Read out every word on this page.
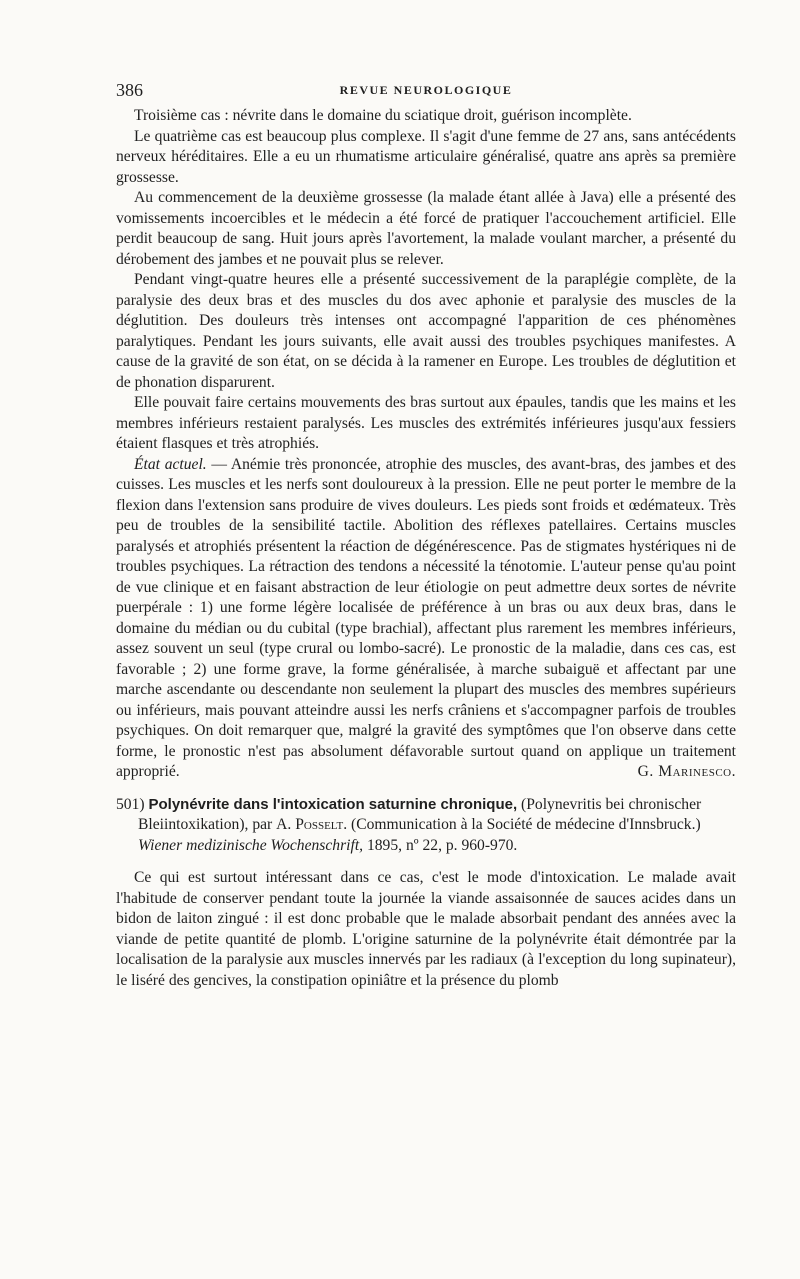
386	REVUE NEUROLOGIQUE

Troisième cas : névrite dans le domaine du sciatique droit, guérison incomplète.

Le quatrième cas est beaucoup plus complexe. Il s'agit d'une femme de 27 ans, sans antécédents nerveux héréditaires. Elle a eu un rhumatisme articulaire généralisé, quatre ans après sa première grossesse.

Au commencement de la deuxième grossesse (la malade étant allée à Java) elle a présenté des vomissements incoercibles et le médecin a été forcé de pratiquer l'accouchement artificiel. Elle perdit beaucoup de sang. Huit jours après l'avortement, la malade voulant marcher, a présenté du dérobement des jambes et ne pouvait plus se relever.

Pendant vingt-quatre heures elle a présenté successivement de la paraplégie complète, de la paralysie des deux bras et des muscles du dos avec aphonie et paralysie des muscles de la déglutition. Des douleurs très intenses ont accompagné l'apparition de ces phénomènes paralytiques. Pendant les jours suivants, elle avait aussi des troubles psychiques manifestes. A cause de la gravité de son état, on se décida à la ramener en Europe. Les troubles de déglutition et de phonation disparurent.

Elle pouvait faire certains mouvements des bras surtout aux épaules, tandis que les mains et les membres inférieurs restaient paralysés. Les muscles des extrémités inférieures jusqu'aux fessiers étaient flasques et très atrophiés.

État actuel. — Anémie très prononcée, atrophie des muscles, des avant-bras, des jambes et des cuisses. Les muscles et les nerfs sont douloureux à la pression. Elle ne peut porter le membre de la flexion dans l'extension sans produire de vives douleurs. Les pieds sont froids et œdémateux. Très peu de troubles de la sensibilité tactile. Abolition des réflexes patellaires. Certains muscles paralysés et atrophiés présentent la réaction de dégénérescence. Pas de stigmates hystériques ni de troubles psychiques. La rétraction des tendons a nécessité la ténotomie. L'auteur pense qu'au point de vue clinique et en faisant abstraction de leur étiologie on peut admettre deux sortes de névrite puerpérale : 1) une forme légère localisée de préférence à un bras ou aux deux bras, dans le domaine du médian ou du cubital (type brachial), affectant plus rarement les membres inférieurs, assez souvent un seul (type crural ou lombo-sacré). Le pronostic de la maladie, dans ces cas, est favorable ; 2) une forme grave, la forme généralisée, à marche subaiguë et affectant par une marche ascendante ou descendante non seulement la plupart des muscles des membres supérieurs ou inférieurs, mais pouvant atteindre aussi les nerfs crâniens et s'accompagner parfois de troubles psychiques. On doit remarquer que, malgré la gravité des symptômes que l'on observe dans cette forme, le pronostic n'est pas absolument défavorable surtout quand on applique un traitement approprié.	G. Marinesco.

501) Polynévrite dans l'intoxication saturnine chronique, (Polynevritis bei chronischer Bleiintoxikation), par A. Posselt. (Communication à la Société de médecine d'Innsbruck.) Wiener medizinische Wochenschrift, 1895, nº 22, p. 960-970.

Ce qui est surtout intéressant dans ce cas, c'est le mode d'intoxication. Le malade avait l'habitude de conserver pendant toute la journée la viande assaisonnée de sauces acides dans un bidon de laiton zingué : il est donc probable que le malade absorbait pendant des années avec la viande de petite quantité de plomb. L'origine saturnine de la polynévrite était démontrée par la localisation de la paralysie aux muscles innervés par les radiaux (à l'exception du long supinateur), le liséré des gencives, la constipation opiniâtre et la présence du plomb
